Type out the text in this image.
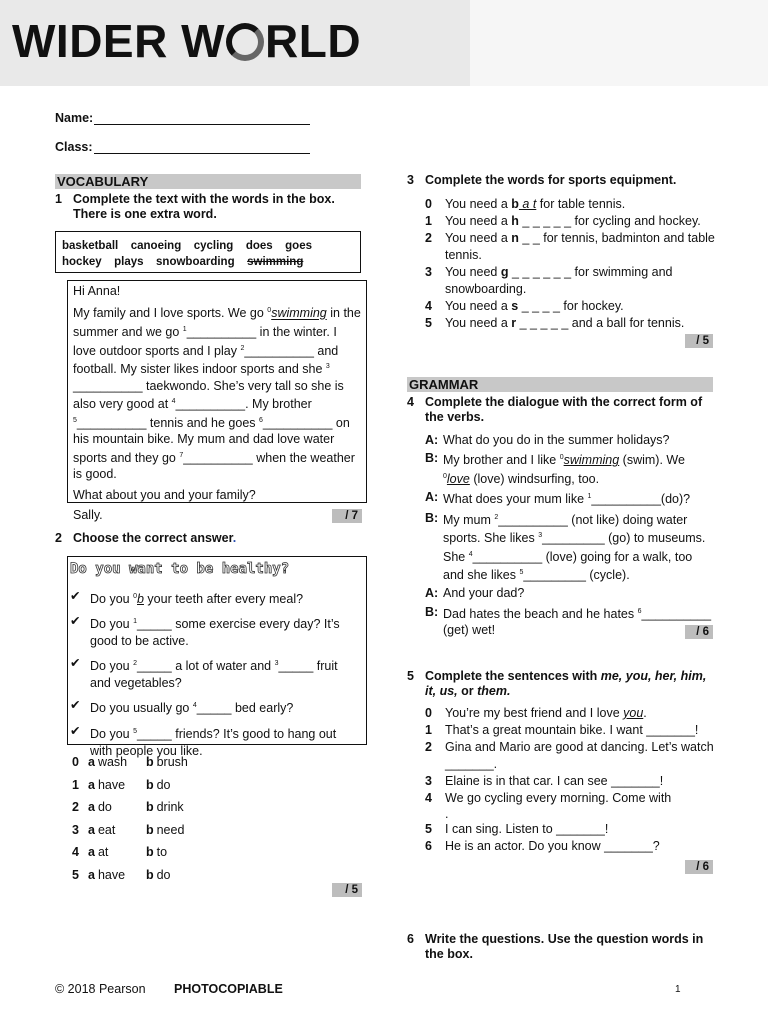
WIDER W RLD
Name:
Class:
VOCABULARY
1 Complete the text with the words in the box. There is one extra word.
basketball canoeing cycling does goes
hockey plays snowboarding swimming
Hi Anna!
My family and I love sports. We go $^0$swimming in the summer and we go $^1$__________ in the winter. I love outdoor sports and I play $^2$__________ and football. My sister likes indoor sports and she $^3$ __________ taekwondo. She’s very tall so she is also very good at $^4$__________. My brother $^5$__________ tennis and he goes $^6$__________ on his mountain bike. My mum and dad love water sports and they go $^7$__________ when the weather is good.
What about you and your family?
Sally.	/ 7
2 Choose the correct answer.
Do you want to be healthy?
✔ Do you $^0$b your teeth after every meal?
✔ Do you $^1$_____ some exercise every day? It’s good to be active.
✔ Do you $^2$_____ a lot of water and $^3$_____ fruit and vegetables?
✔ Do you usually go $^4$_____ bed early?
✔ Do you $^5$_____ friends? It’s good to hang out with people you like.
0 a wash	b brush
1 a have	b do
2 a do	b drink
3 a eat	b need
4 a at	b to
5 a have	b do
/ 5
3 Complete the words for sports equipment.
0	You need a b a t for table tennis.
1	You need a h _ _ _ _ _ for cycling and hockey.
2	You need a n _ _ for tennis, badminton and table tennis.
3	You need g _ _ _ _ _ _ for swimming and snowboarding.
4	You need a s _ _ _ _ for hockey.
5	You need a r _ _ _ _ _ and a ball for tennis.
/ 5
GRAMMAR
4 Complete the dialogue with the correct form of the verbs.
A: What do you do in the summer holidays?
B: My brother and I like $^0$swimming (swim). We $^0$love (love) windsurfing, too.
A: What does your mum like $^1$__________(do)?
B: My mum $^2$__________ (not like) doing water sports. She likes $^3$_________ (go) to museums. She $^4$__________ (love) going for a walk, too and she likes $^5$_________ (cycle).
A: And your dad?
B: Dad hates the beach and he hates $^6$__________ (get) wet!	/ 6
5 Complete the sentences with me, you, her, him, it, us, or them.
0	You’re my best friend and I love you.
1	That’s a great mountain bike. I want _______!
2	Gina and Mario are good at dancing. Let’s watch _______.
3	Elaine is in that car. I can see _______!
4	We go cycling every morning. Come with
.
5	I can sing. Listen to _______!
6	He is an actor. Do you know _______?
/ 6
6 Write the questions. Use the question words in the box.
© 2018 Pearson PHOTOCOPIABLE	1
